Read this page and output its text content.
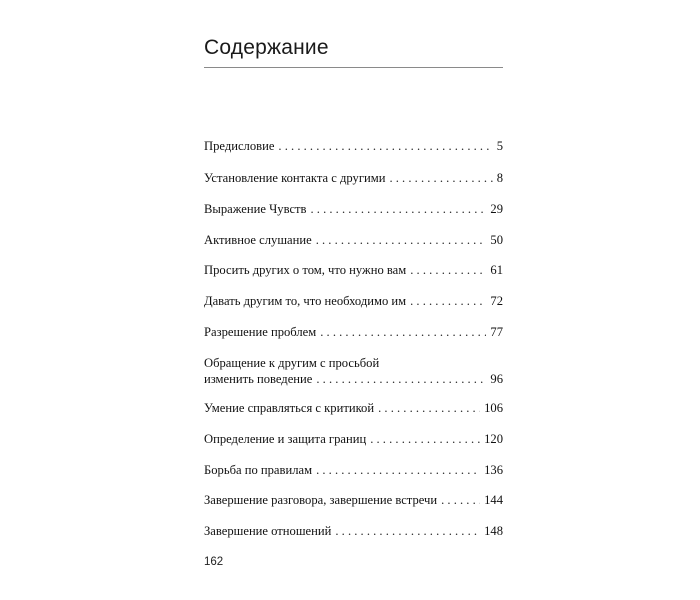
Содержание
Предисловие . . .	5
Установление контакта с другими . . .	8
Выражение Чувств . . .	29
Активное слушание . . .	50
Просить других о том, что нужно вам . . .	61
Давать другим то, что необходимо им . . .	72
Разрешение проблем . . .	77
Обращение к другим с просьбой
изменить поведение . . .	96
Умение справляться с критикой . . .	106
Определение и защита границ . . .	120
Борьба по правилам . . .	136
Завершение разговора, завершение встречи . . .	144
Завершение отношений . . .	148
162
